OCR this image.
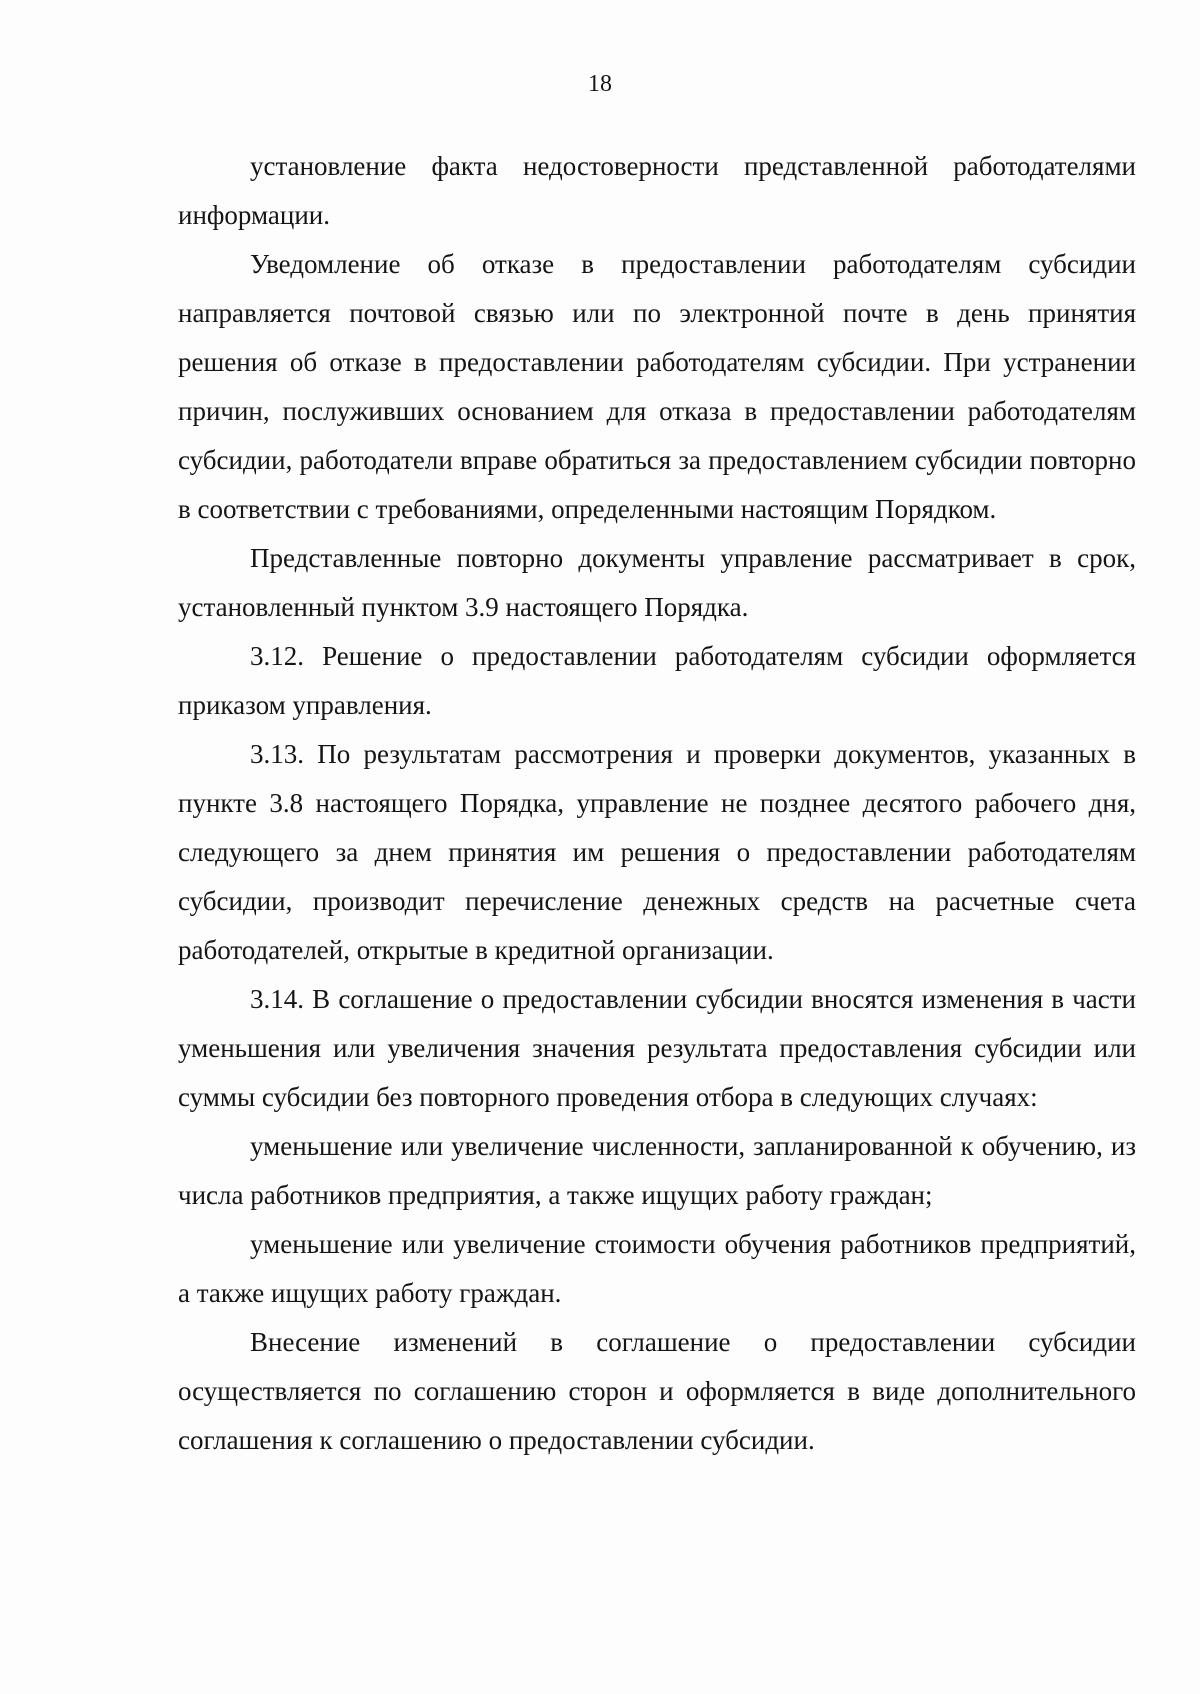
18

установление факта недостоверности представленной работодателями информации.

Уведомление об отказе в предоставлении работодателям субсидии направляется почтовой связью или по электронной почте в день принятия решения об отказе в предоставлении работодателям субсидии. При устранении причин, послуживших основанием для отказа в предоставлении работодателям субсидии, работодатели вправе обратиться за предоставлением субсидии повторно в соответствии с требованиями, определенными настоящим Порядком.

Представленные повторно документы управление рассматривает в срок, установленный пунктом 3.9 настоящего Порядка.

3.12. Решение о предоставлении работодателям субсидии оформляется приказом управления.

3.13. По результатам рассмотрения и проверки документов, указанных в пункте 3.8 настоящего Порядка, управление не позднее десятого рабочего дня, следующего за днем принятия им решения о предоставлении работодателям субсидии, производит перечисление денежных средств на расчетные счета работодателей, открытые в кредитной организации.

3.14. В соглашение о предоставлении субсидии вносятся изменения в части уменьшения или увеличения значения результата предоставления субсидии или суммы субсидии без повторного проведения отбора в следующих случаях:

уменьшение или увеличение численности, запланированной к обучению, из числа работников предприятия, а также ищущих работу граждан;

уменьшение или увеличение стоимости обучения работников предприятий, а также ищущих работу граждан.

Внесение изменений в соглашение о предоставлении субсидии осуществляется по соглашению сторон и оформляется в виде дополнительного соглашения к соглашению о предоставлении субсидии.
